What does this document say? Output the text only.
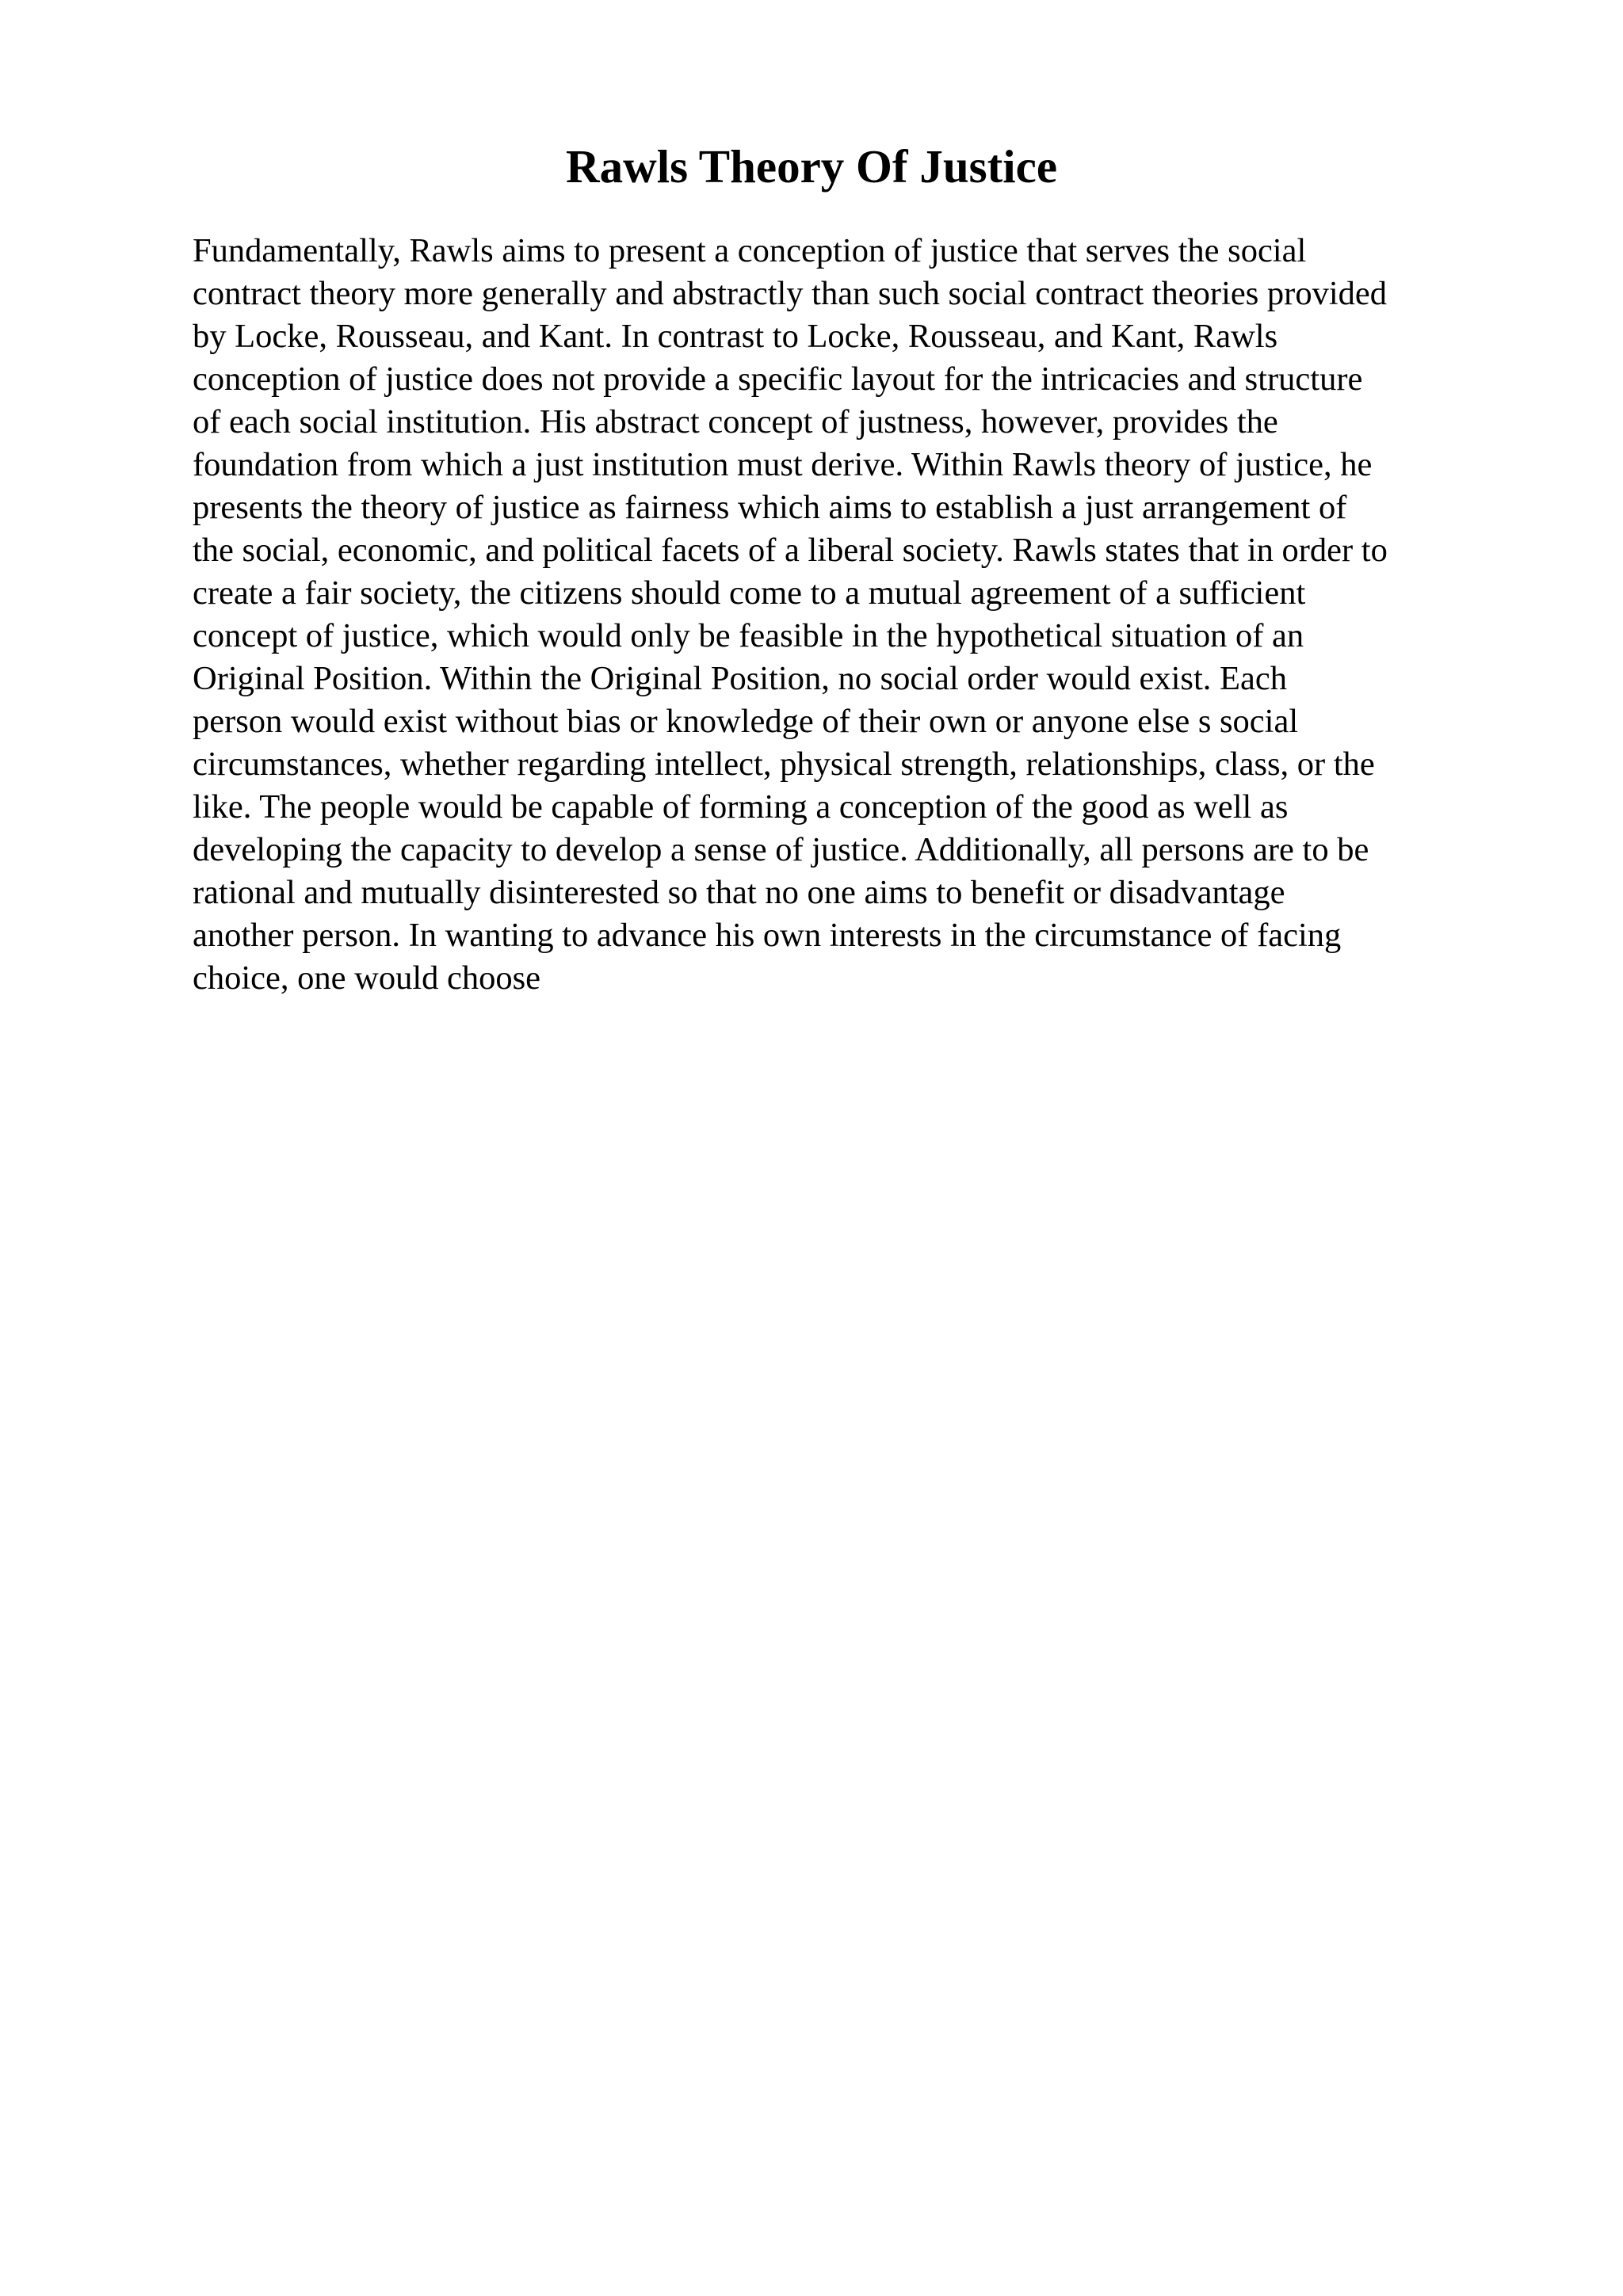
Rawls Theory Of Justice
Fundamentally, Rawls aims to present a conception of justice that serves the social
contract theory more generally and abstractly than such social contract theories provided
by Locke, Rousseau, and Kant. In contrast to Locke, Rousseau, and Kant, Rawls
conception of justice does not provide a specific layout for the intricacies and structure
of each social institution. His abstract concept of justness, however, provides the
foundation from which a just institution must derive. Within Rawls theory of justice, he
presents the theory of justice as fairness which aims to establish a just arrangement of
the social, economic, and political facets of a liberal society. Rawls states that in order to
create a fair society, the citizens should come to a mutual agreement of a sufficient
concept of justice, which would only be feasible in the hypothetical situation of an
Original Position. Within the Original Position, no social order would exist. Each
person would exist without bias or knowledge of their own or anyone else s social
circumstances, whether regarding intellect, physical strength, relationships, class, or the
like. The people would be capable of forming a conception of the good as well as
developing the capacity to develop a sense of justice. Additionally, all persons are to be
rational and mutually disinterested so that no one aims to benefit or disadvantage
another person. In wanting to advance his own interests in the circumstance of facing
choice, one would choose
